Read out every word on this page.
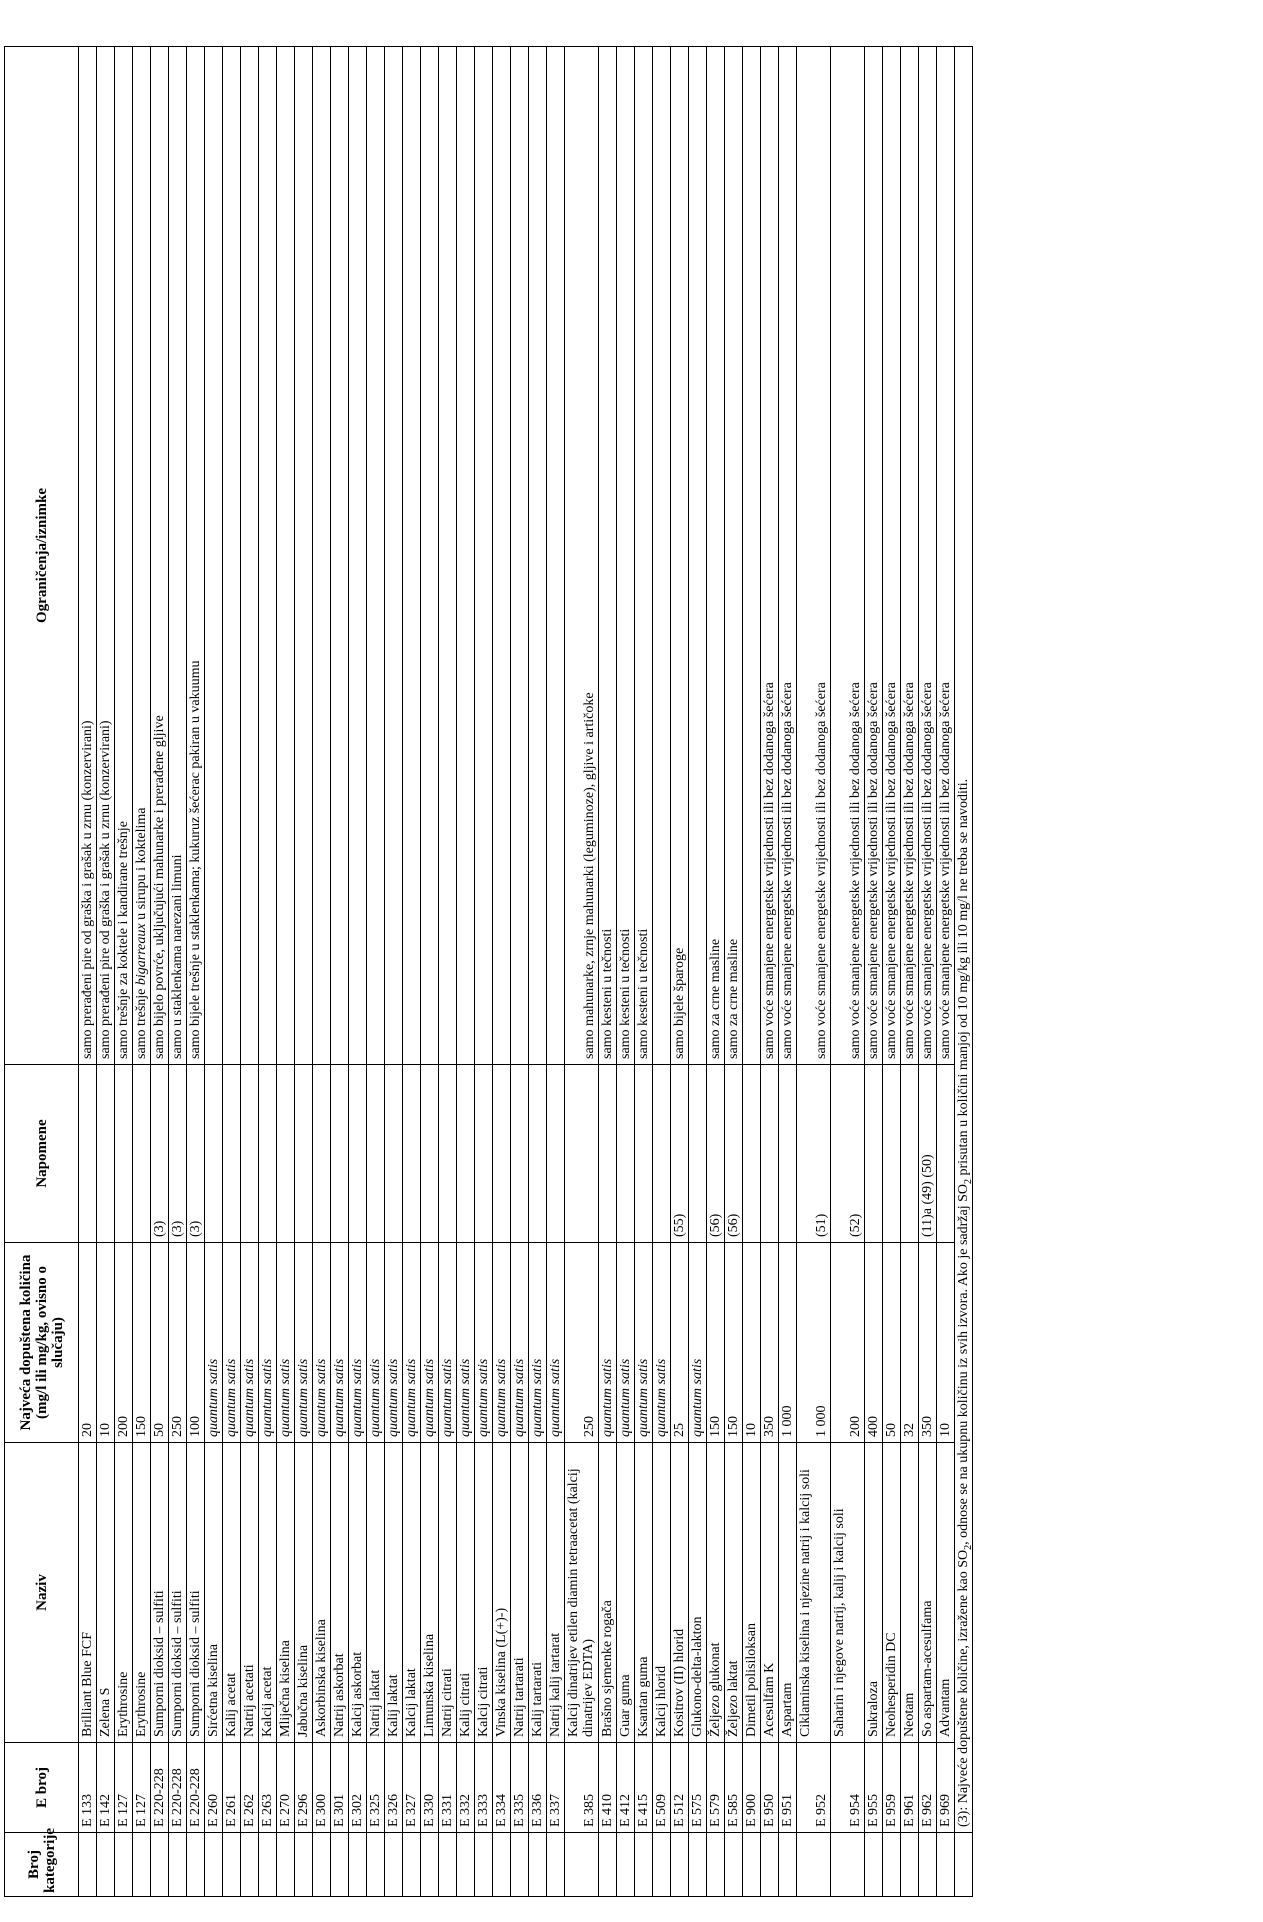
Broj kategorije	E broj	Naziv	Najveća dopuštena količina (mg/l ili mg/kg, ovisno o slučaju)	Napomene	Ograničenja/iznimke
	E 133	Brilliant Blue FCF	20		samo prerađeni pire od graška i grašak u zrnu (konzervirani)
	E 142	Zelena S	10		samo prerađeni pire od graška i grašak u zrnu (konzervirani)
	E 127	Erythrosine	200		samo trešnje za koktele i kandirane trešnje
	E 127	Erythrosine	150		samo trešnje bigarreaux u sirupu i koktelima
	E 220-228	Sumporni dioksid – sulfiti	50	(3)	samo bijelo povrće, uključujući mahunarke i prerađene gljive
	E 220-228	Sumporni dioksid – sulfiti	250	(3)	samo u staklenkama narezani limuni
	E 220-228	Sumporni dioksid – sulfiti	100	(3)	samo bijele trešnje u staklenkama; kukuruz šećerac pakiran u vakuumu
	E 260	Sirćetna kiselina	quantum satis		
	E 261	Kalij acetat	quantum satis		
	E 262	Natrij acetati	quantum satis		
	E 263	Kalcij acetat	quantum satis		
	E 270	Mliječna kiselina	quantum satis		
	E 296	Jabučna kiselina	quantum satis		
	E 300	Askorbinska kiselina	quantum satis		
	E 301	Natrij askorbat	quantum satis		
	E 302	Kalcij askorbat	quantum satis		
	E 325	Natrij laktat	quantum satis		
	E 326	Kalij laktat	quantum satis		
	E 327	Kalcij laktat	quantum satis		
	E 330	Limunska kiselina	quantum satis		
	E 331	Natrij citrati	quantum satis		
	E 332	Kalij citrati	quantum satis		
	E 333	Kalcij citrati	quantum satis		
	E 334	Vinska kiselina (L(+)-)	quantum satis		
	E 335	Natrij tartarati	quantum satis		
	E 336	Kalij tartarati	quantum satis		
	E 337	Natrij kalij tartarat	quantum satis		
	E 385	Kalcij dinatrijev etilen diamin tetraacetat (kalcij dinatrijev EDTA)	250		samo mahunarke, zrnje mahunarki (leguminoze), gljive i artičoke
	E 410	Brašno sjemenke rogača	quantum satis		samo kesteni u tečnosti
	E 412	Guar guma	quantum satis		samo kesteni u tečnosti
	E 415	Ksantan guma	quantum satis		samo kesteni u tečnosti
	E 509	Kalcij hlorid	quantum satis		
	E 512	Kositrov (II) hlorid	25	(55)	samo bijele šparoge
	E 575	Glukono-delta-lakton	quantum satis		
	E 579	Željezo glukonat	150	(56)	samo za crne masline
	E 585	Željezo laktat	150	(56)	samo za crne masline
	E 900	Dimetil polisiloksan	10		
	E 950	Acesulfam K	350		samo voće smanjene energetske vrijednosti ili bez dodanoga šećera
	E 951	Aspartam	1 000		samo voće smanjene energetske vrijednosti ili bez dodanoga šećera
	E 952	Ciklaminska kiselina i njezine natrij i kalcij soli	1 000	(51)	samo voće smanjene energetske vrijednosti ili bez dodanoga šećera
	E 954	Saharin i njegove natrij, kalij i kalcij soli	200	(52)	samo voće smanjene energetske vrijednosti ili bez dodanoga šećera
	E 955	Sukraloza	400		samo voće smanjene energetske vrijednosti ili bez dodanoga šećera
	E 959	Neohesperidin DC	50		samo voće smanjene energetske vrijednosti ili bez dodanoga šećera
	E 961	Neotam	32		samo voće smanjene energetske vrijednosti ili bez dodanoga šećera
	E 962	So aspartam-acesulfama	350	(11)a (49) (50)	samo voće smanjene energetske vrijednosti ili bez dodanoga šećera
	E 969	Advantam	10		samo voće smanjene energetske vrijednosti ili bez dodanoga šećera
	(3): Najveće dopuštene količine, izražene kao $SO_2$, odnose se na ukupnu količinu iz svih izvora. Ako je sadržaj $SO_2$ prisutan u količini manjoj od 10 mg/kg ili 10 mg/l ne treba se navoditi.				
